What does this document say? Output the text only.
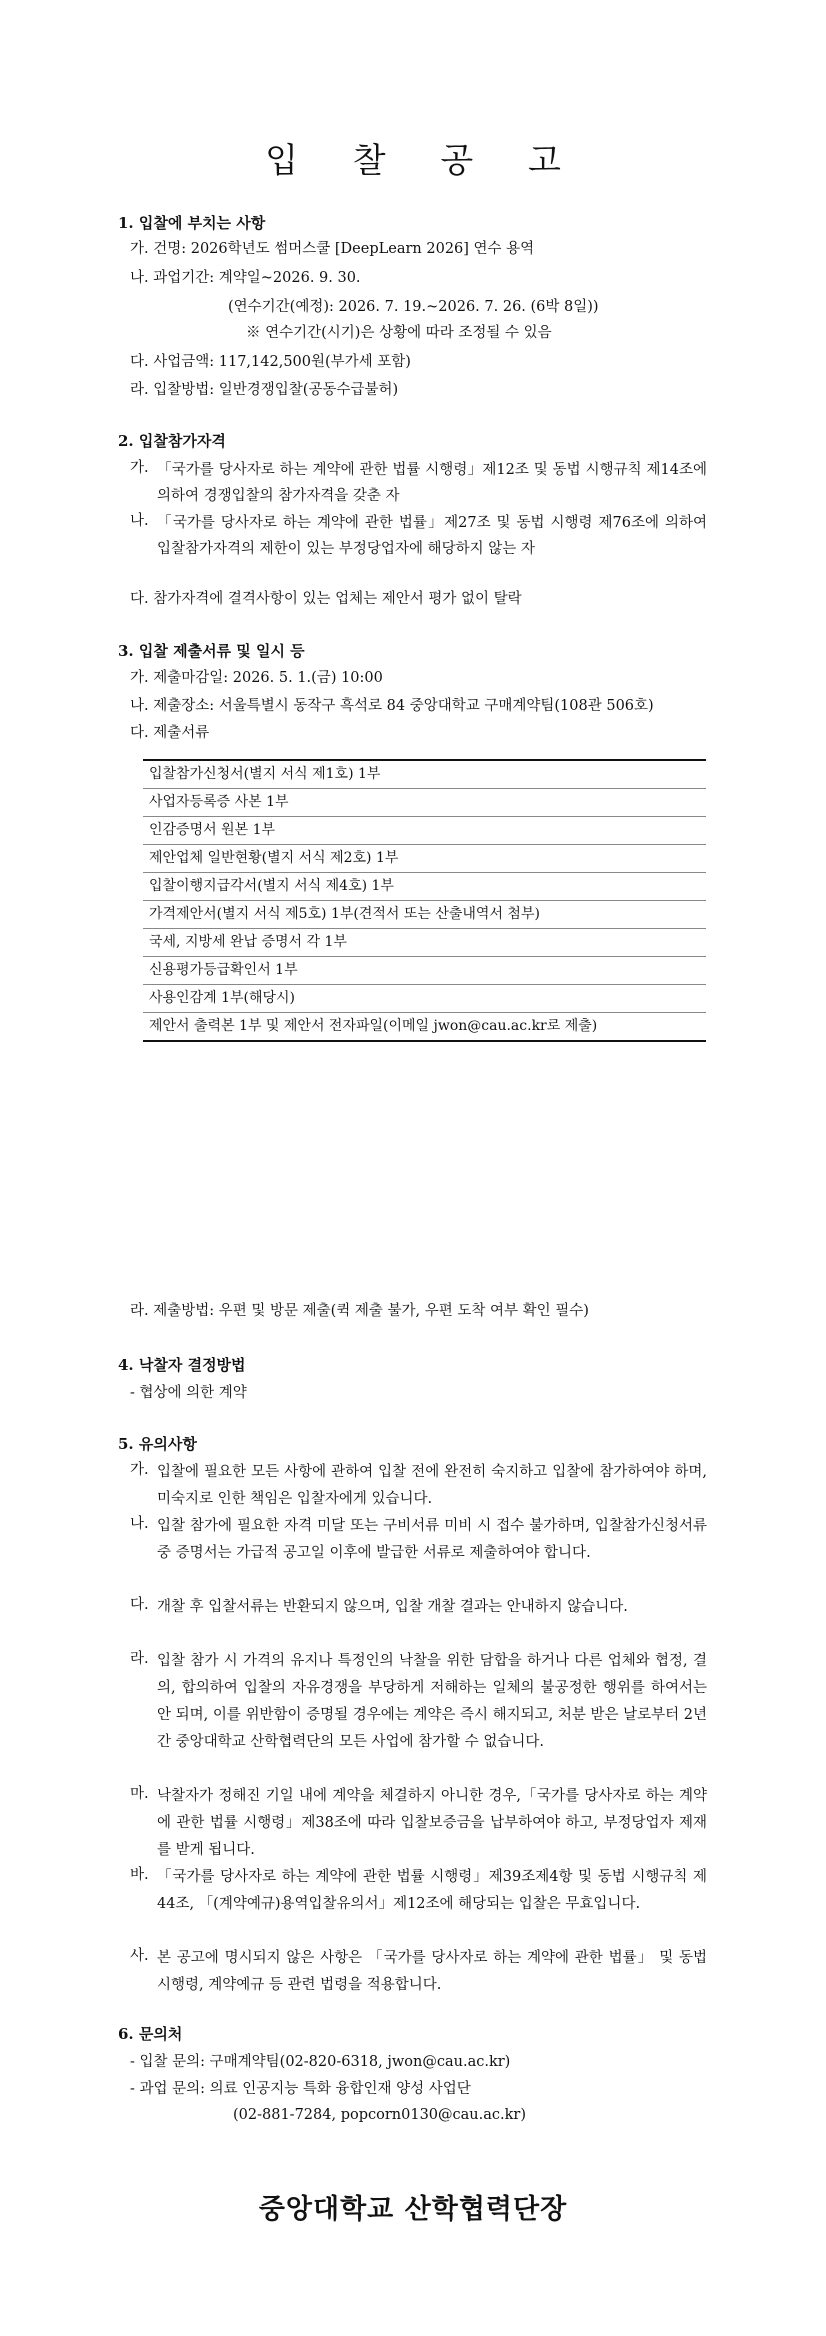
입 찰 공 고
1. 입찰에 부치는 사항
가. 건명: 2026학년도 썸머스쿨 [DeepLearn 2026] 연수 용역
나. 과업기간: 계약일~2026. 9. 30.
(연수기간(예정): 2026. 7. 19.~2026. 7. 26. (6박 8일))
※ 연수기간(시기)은 상황에 따라 조정될 수 있음
다. 사업금액: 117,142,500원(부가세 포함)
라. 입찰방법: 일반경쟁입찰(공동수급불허)
2. 입찰참가자격
가. 「국가를 당사자로 하는 계약에 관한 법률 시행령」제12조 및 동법 시행규칙 제14조에 의하여 경쟁입찰의 참가자격을 갖춘 자
나. 「국가를 당사자로 하는 계약에 관한 법률」제27조 및 동법 시행령 제76조에 의하여 입찰참가자격의 제한이 있는 부정당업자에 해당하지 않는 자
다. 참가자격에 결격사항이 있는 업체는 제안서 평가 없이 탈락
3. 입찰 제출서류 및 일시 등
가. 제출마감일: 2026. 5. 1.(금) 10:00
나. 제출장소: 서울특별시 동작구 흑석로 84 중앙대학교 구매계약팀(108관 506호)
다. 제출서류
입찰참가신청서(별지 서식 제1호) 1부
사업자등록증 사본 1부
인감증명서 원본 1부
제안업체 일반현황(별지 서식 제2호) 1부
입찰이행지급각서(별지 서식 제4호) 1부
가격제안서(별지 서식 제5호) 1부(견적서 또는 산출내역서 첨부)
국세, 지방세 완납 증명서 각 1부
신용평가등급확인서 1부
사용인감계 1부(해당시)
제안서 출력본 1부 및 제안서 전자파일(이메일 jwon@cau.ac.kr로 제출)
라. 제출방법: 우편 및 방문 제출(퀵 제출 불가, 우편 도착 여부 확인 필수)
4. 낙찰자 결정방법
- 협상에 의한 계약
5. 유의사항
가. 입찰에 필요한 모든 사항에 관하여 입찰 전에 완전히 숙지하고 입찰에 참가하여야 하며, 미숙지로 인한 책임은 입찰자에게 있습니다.
나. 입찰 참가에 필요한 자격 미달 또는 구비서류 미비 시 접수 불가하며, 입찰참가신청서류 중 증명서는 가급적 공고일 이후에 발급한 서류로 제출하여야 합니다.
다. 개찰 후 입찰서류는 반환되지 않으며, 입찰 개찰 결과는 안내하지 않습니다.
라. 입찰 참가 시 가격의 유지나 특정인의 낙찰을 위한 담합을 하거나 다른 업체와 협정, 결의, 합의하여 입찰의 자유경쟁을 부당하게 저해하는 일체의 불공정한 행위를 하여서는 안 되며, 이를 위반함이 증명될 경우에는 계약은 즉시 해지되고, 처분 받은 날로부터 2년간 중앙대학교 산학협력단의 모든 사업에 참가할 수 없습니다.
마. 낙찰자가 정해진 기일 내에 계약을 체결하지 아니한 경우,「국가를 당사자로 하는 계약에 관한 법률 시행령」제38조에 따라 입찰보증금을 납부하여야 하고, 부정당업자 제재를 받게 됩니다.
바. 「국가를 당사자로 하는 계약에 관한 법률 시행령」제39조제4항 및 동법 시행규칙 제44조, 「(계약예규)용역입찰유의서」제12조에 해당되는 입찰은 무효입니다.
사. 본 공고에 명시되지 않은 사항은 「국가를 당사자로 하는 계약에 관한 법률」 및 동법 시행령, 계약예규 등 관련 법령을 적용합니다.
6. 문의처
- 입찰 문의: 구매계약팀(02-820-6318, jwon@cau.ac.kr)
- 과업 문의: 의료 인공지능 특화 융합인재 양성 사업단
(02-881-7284, popcorn0130@cau.ac.kr)
중앙대학교 산학협력단장
